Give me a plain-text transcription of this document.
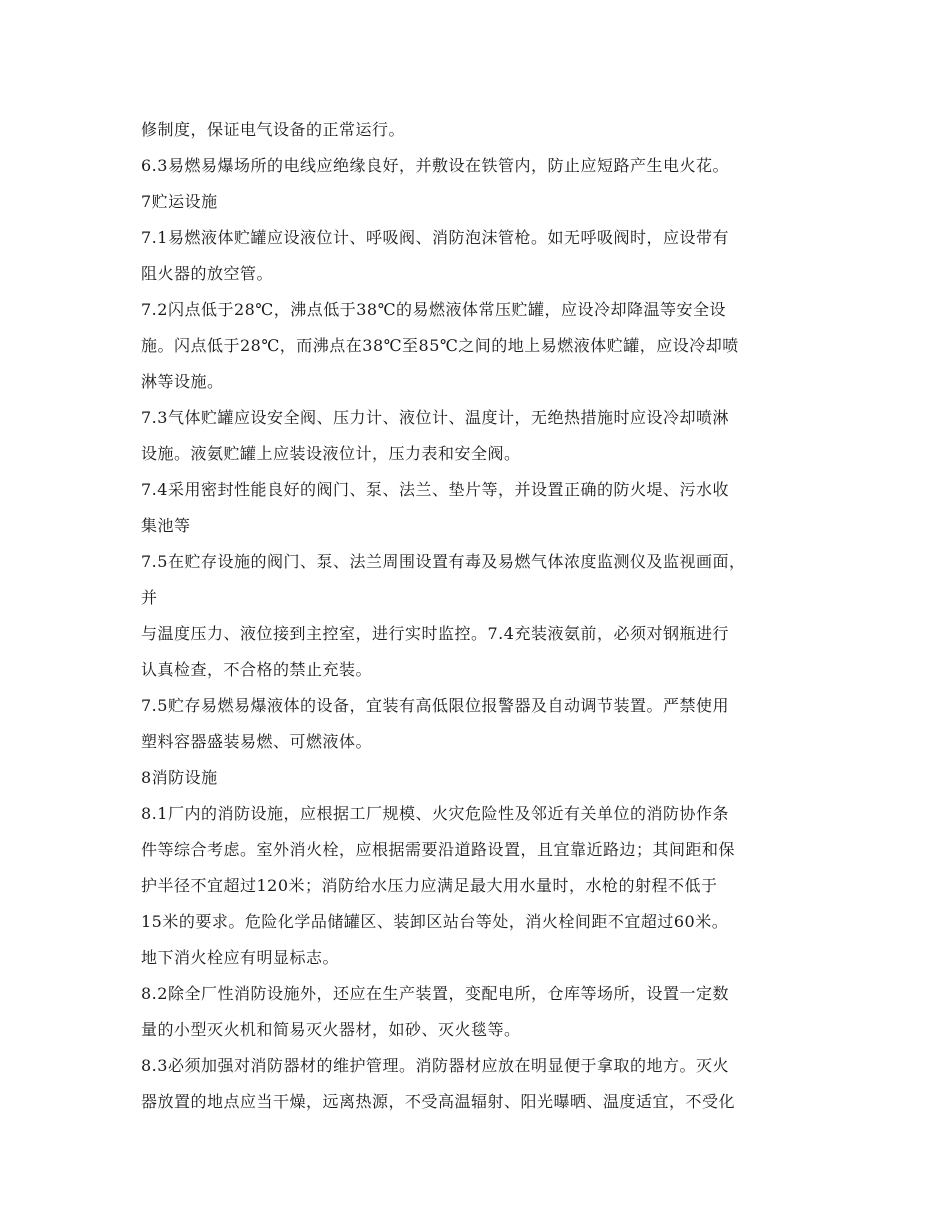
修制度，保证电气设备的正常运行。
6.3易燃易爆场所的电线应绝缘良好，并敷设在铁管内，防止应短路产生电火花。
7贮运设施
7.1易燃液体贮罐应设液位计、呼吸阀、消防泡沫管枪。如无呼吸阀时，应设带有
阻火器的放空管。
7.2闪点低于28℃，沸点低于38℃的易燃液体常压贮罐，应设冷却降温等安全设
施。闪点低于28℃，而沸点在38℃至85℃之间的地上易燃液体贮罐，应设冷却喷
淋等设施。
7.3气体贮罐应设安全阀、压力计、液位计、温度计，无绝热措施时应设冷却喷淋
设施。液氨贮罐上应装设液位计，压力表和安全阀。
7.4采用密封性能良好的阀门、泵、法兰、垫片等，并设置正确的防火堤、污水收
集池等
7.5在贮存设施的阀门、泵、法兰周围设置有毒及易燃气体浓度监测仪及监视画面，
并
与温度压力、液位接到主控室，进行实时监控。7.4充装液氨前，必须对钢瓶进行
认真检查，不合格的禁止充装。
7.5贮存易燃易爆液体的设备，宜装有高低限位报警器及自动调节装置。严禁使用
塑料容器盛装易燃、可燃液体。
8消防设施
8.1厂内的消防设施，应根据工厂规模、火灾危险性及邻近有关单位的消防协作条
件等综合考虑。室外消火栓，应根据需要沿道路设置，且宜靠近路边；其间距和保
护半径不宜超过120米；消防给水压力应满足最大用水量时，水枪的射程不低于
15米的要求。危险化学品储罐区、装卸区站台等处，消火栓间距不宜超过60米。
地下消火栓应有明显标志。
8.2除全厂性消防设施外，还应在生产装置，变配电所，仓库等场所，设置一定数
量的小型灭火机和简易灭火器材，如砂、灭火毯等。
8.3必须加强对消防器材的维护管理。消防器材应放在明显便于拿取的地方。灭火
器放置的地点应当干燥，远离热源，不受高温辐射、阳光曝晒、温度适宜，不受化
